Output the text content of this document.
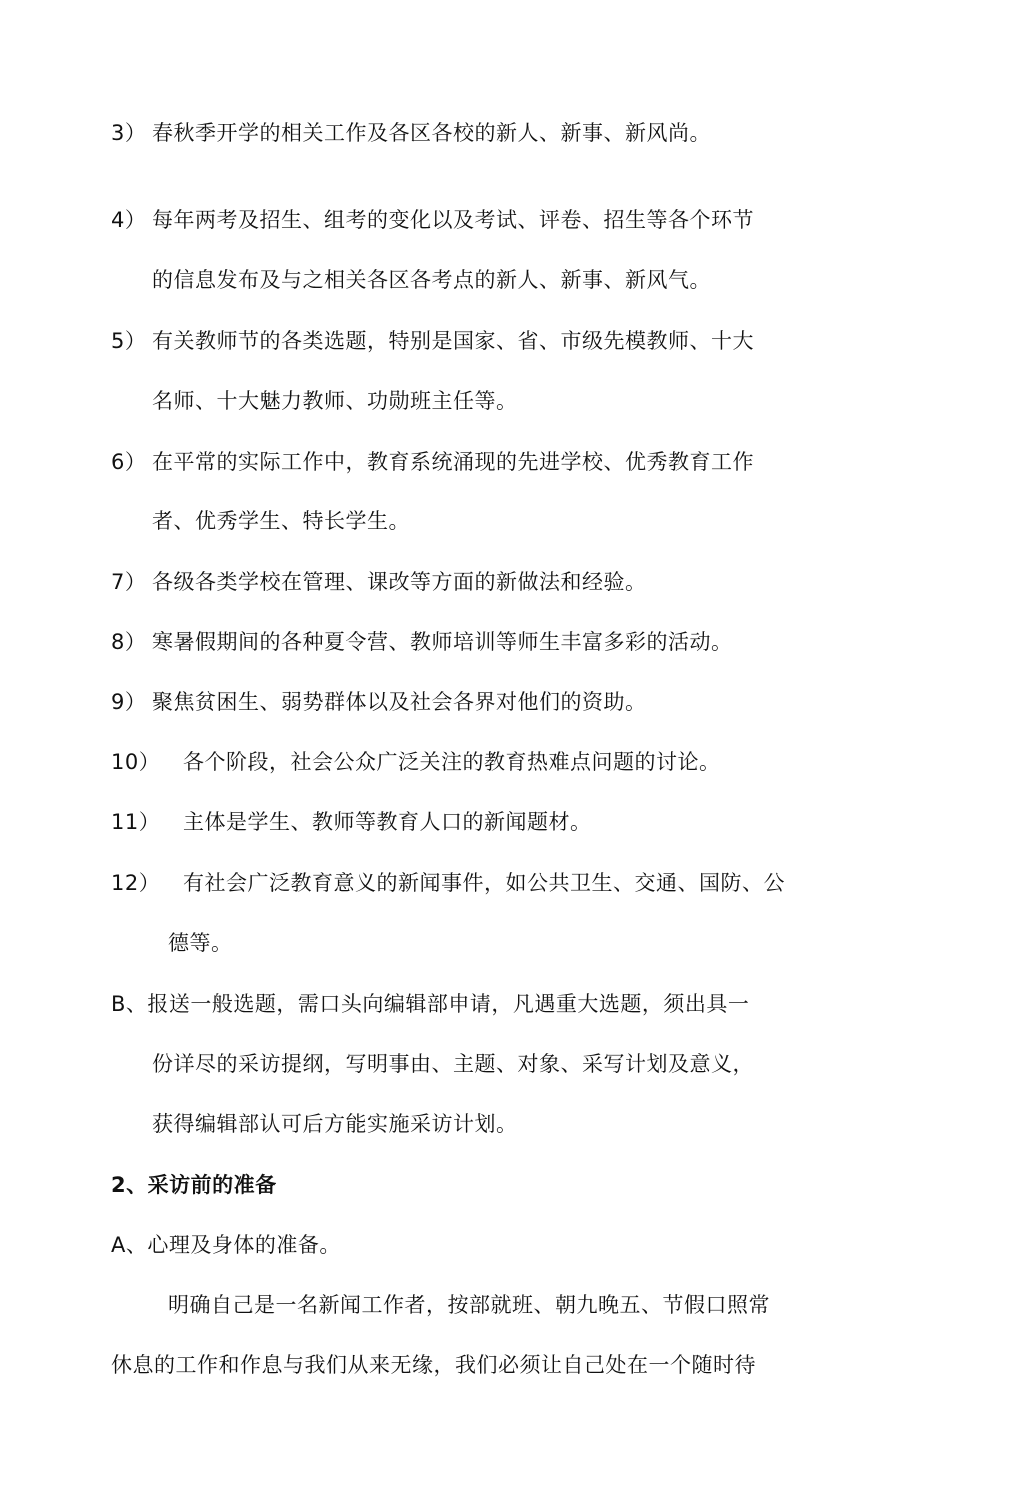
3） 春秋季开学的相关工作及各区各校的新人、新事、新风尚。
4） 每年两考及招生、组考的变化以及考试、评卷、招生等各个环节
的信息发布及与之相关各区各考点的新人、新事、新风气。
5） 有关教师节的各类选题，特别是国家、省、市级先模教师、十大
名师、十大魅力教师、功勋班主任等。
6） 在平常的实际工作中，教育系统涌现的先进学校、优秀教育工作
者、优秀学生、特长学生。
7） 各级各类学校在管理、课改等方面的新做法和经验。
8） 寒暑假期间的各种夏令营、教师培训等师生丰富多彩的活动。
9） 聚焦贫困生、弱势群体以及社会各界对他们的资助。
10） 各个阶段，社会公众广泛关注的教育热难点问题的讨论。
11） 主体是学生、教师等教育人口的新闻题材。
12） 有社会广泛教育意义的新闻事件，如公共卫生、交通、国防、公
德等。
B、报送一般选题，需口头向编辑部申请，凡遇重大选题，须出具一
份详尽的采访提纲，写明事由、主题、对象、采写计划及意义，
获得编辑部认可后方能实施采访计划。
2、采访前的准备
A、心理及身体的准备。
明确自己是一名新闻工作者，按部就班、朝九晚五、节假口照常
休息的工作和作息与我们从来无缘，我们必须让自己处在一个随时待
